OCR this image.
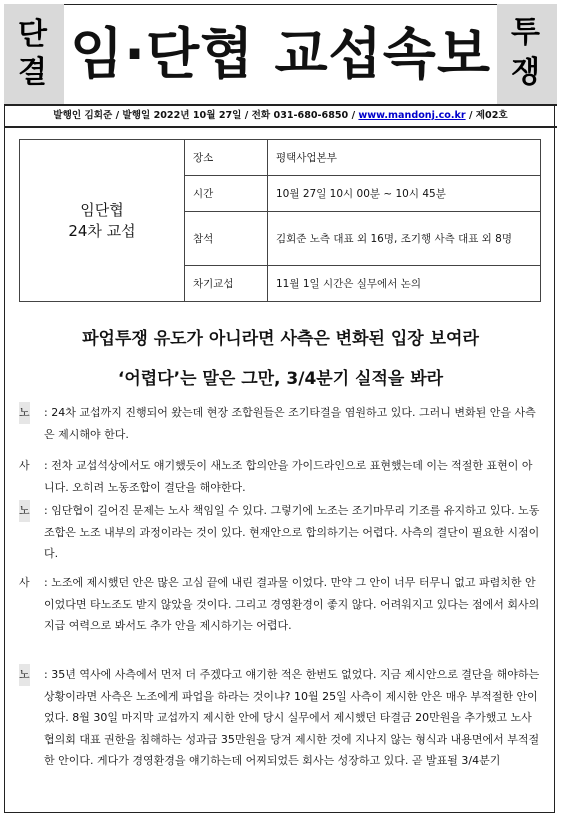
단
결 임·단협 교섭속보 투
쟁
발행인 김회준 / 발행일 2022년 10월 27일 / 전화 031-680-6850 / www.mandonj.co.kr / 제02호
임단협
24차 교섭	장소	평택사업본부
	시간	10월 27일 10시 00분 ~ 10시 45분
	참석	김회준 노측 대표 외 16명, 조기행 사측 대표 외 8명
	차기교섭	11월 1일 시간은 실무에서 논의
파업투쟁 유도가 아니라면 사측은 변화된 입장 보여라
‘어렵다’는 말은 그만, 3/4분기 실적을 봐라
노 : 24차 교섭까지 진행되어 왔는데 현장 조합원들은 조기타결을 염원하고 있다. 그러니 변화된 안을 사측은 제시해야 한다.
사 : 전차 교섭석상에서도 얘기했듯이 새노조 합의안을 가이드라인으로 표현했는데 이는 적절한 표현이 아니다. 오히려 노동조합이 결단을 해야한다.
노 : 임단협이 길어진 문제는 노사 책임일 수 있다. 그렇기에 노조는 조기마무리 기조를 유지하고 있다. 노동조합은 노조 내부의 과정이라는 것이 있다. 현재안으로 합의하기는 어렵다. 사측의 결단이 필요한 시점이다.
사 : 노조에 제시했던 안은 많은 고심 끝에 내린 결과물 이었다. 만약 그 안이 너무 터무니 없고 파렴치한 안이었다면 타노조도 받지 않았을 것이다. 그리고 경영환경이 좋지 않다. 어려워지고 있다는 점에서 회사의 지급 여력으로 봐서도 추가 안을 제시하기는 어렵다.
노 : 35년 역사에 사측에서 먼저 더 주겠다고 얘기한 적은 한번도 없었다. 지금 제시안으로 결단을 해야하는 상황이라면 사측은 노조에게 파업을 하라는 것이냐? 10월 25일 사측이 제시한 안은 매우 부적절한 안이었다. 8월 30일 마지막 교섭까지 제시한 안에 당시 실무에서 제시했던 타결금 20만원을 추가했고 노사협의회 대표 권한을 침해하는 성과급 35만원을 당겨 제시한 것에 지나지 않는 형식과 내용면에서 부적절한 안이다. 게다가 경영환경을 얘기하는데 어찌되었든 회사는 성장하고 있다. 곧 발표될 3/4분기
